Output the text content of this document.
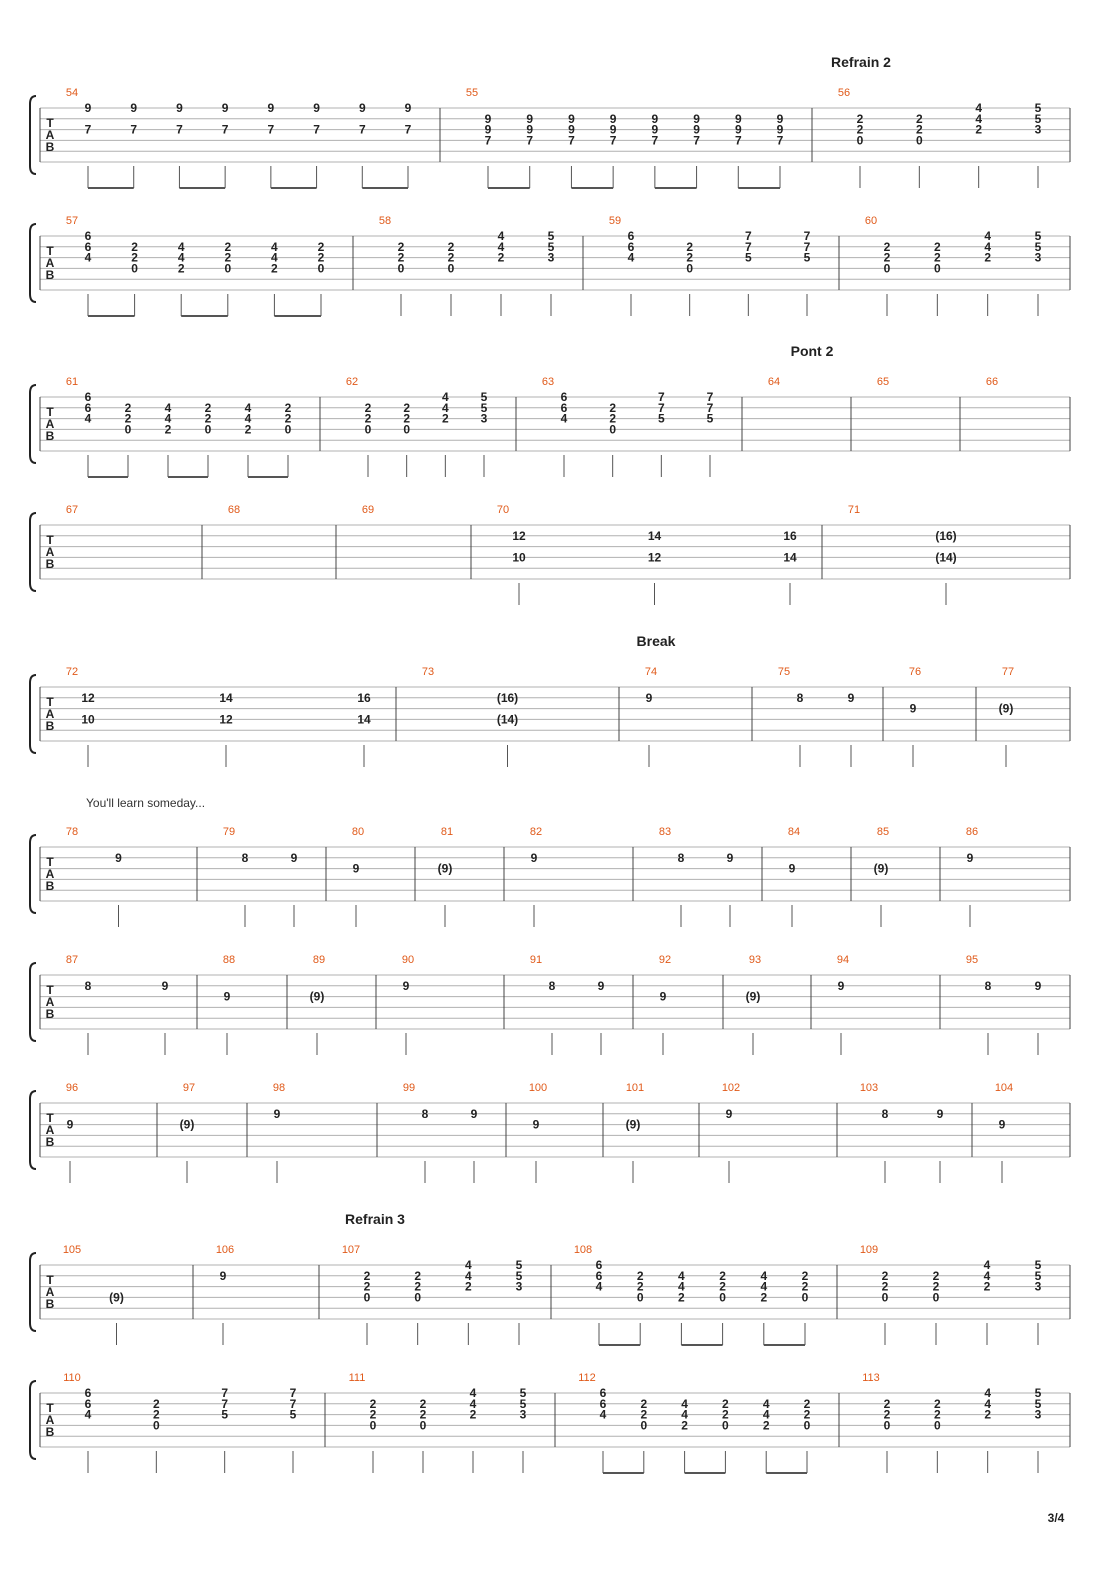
T
A
B
Refrain 2
54
9
7
9
7
9
7
9
7
9
7
9
7
9
7
9
7
55
9
9
7
9
9
7
9
9
7
9
9
7
9
9
7
9
9
7
9
9
7
9
9
7
56
2
2
0
2
2
0
4
4
2
5
5
3
T
A
B
57
6
6
4
2
2
0
4
4
2
2
2
0
4
4
2
2
2
0
58
2
2
0
2
2
0
4
4
2
5
5
3
59
6
6
4
2
2
0
7
7
5
7
7
5
60
2
2
0
2
2
0
4
4
2
5
5
3
T
A
B
Pont 2
61
6
6
4
2
2
0
4
4
2
2
2
0
4
4
2
2
2
0
62
2
2
0
2
2
0
4
4
2
5
5
3
63
6
6
4
2
2
0
7
7
5
7
7
5
64	65	66
T
A
B
67	68	69	70
12
10
14
12
16
14
71
(16)
(14)
T
A
B
Break
72
12
10
14
12
16
14
73
(16)
(14)
74
9
75
8	9
76
9
77
(9)
T
A
B
You'll learn someday...
78
9
79
8	9
80
9
81
(9)
82
9
83
8	9
84
9
85
(9)
86
9
T
A
B
87
8	9
88
9
89
(9)
90
9
91
8	9
92
9
93
(9)
94
9
95
8	9
T
A
B
96
9
97
(9)
98
9
99
8	9
100
9
101
(9)
102
9
103
8	9
104
9
T
A
B
Refrain 3
105
(9)
106
9
107
2
2
0
2
2
0
4
4
2
5
5
3
108
6
6
4
2
2
0
4
4
2
2
2
0
4
4
2
2
2
0
109
2
2
0
2
2
0
4
4
2
5
5
3
T
A
B
110
6
6
4
2
2
0
7
7
5
7
7
5
111
2
2
0
2
2
0
4
4
2
5
5
3
112
6
6
4
2
2
0
4
4
2
2
2
0
4
4
2
2
2
0
113
2
2
0
2
2
0
4
4
2
5
5
3
3/4
